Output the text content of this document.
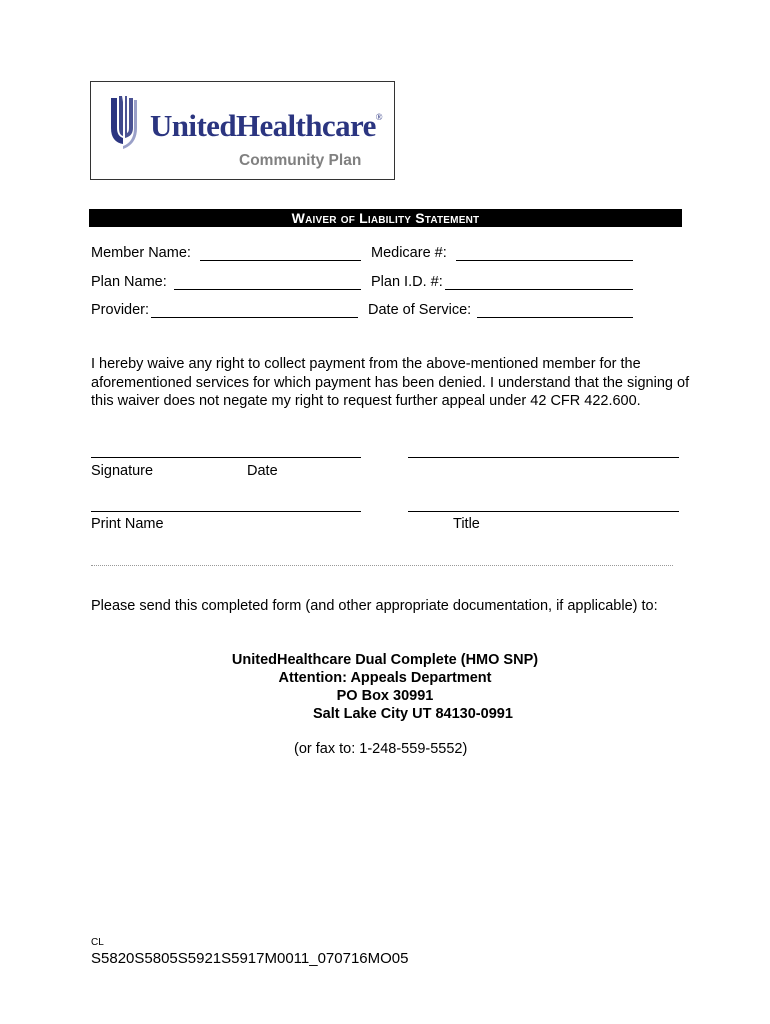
UnitedHealthcare®
Community Plan
Waiver of Liability Statement
Member Name:	Medicare #:
Plan Name:	Plan I.D. #:
Provider:	Date of Service:
I hereby waive any right to collect payment from the above-mentioned member for the aforementioned services for which payment has been denied. I understand that the signing of this waiver does not negate my right to request further appeal under 42 CFR 422.600.
Signature	Date
Print Name	Title
Please send this completed form (and other appropriate documentation, if applicable) to:
UnitedHealthcare Dual Complete (HMO SNP)
Attention: Appeals Department
PO Box 30991
Salt Lake City UT 84130-0991
(or fax to: 1-248-559-5552)
CL
S5820S5805S5921S5917M0011_070716MO05
